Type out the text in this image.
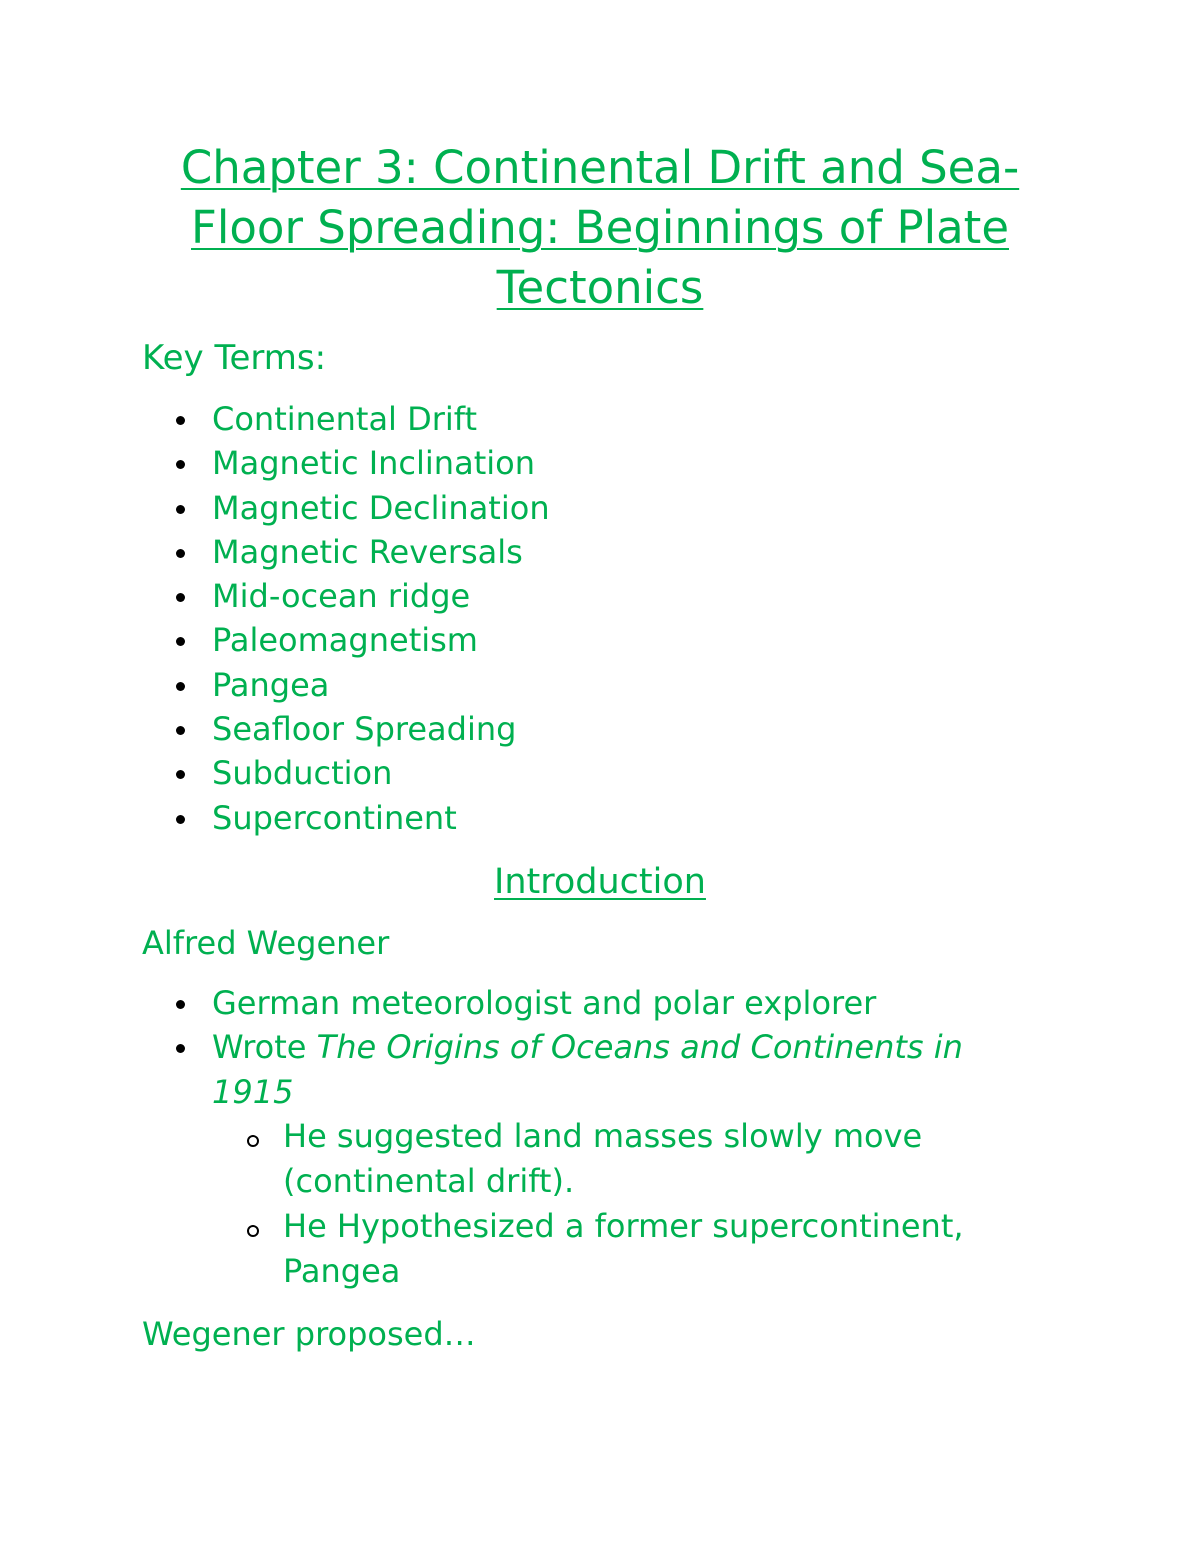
Chapter 3: Continental Drift and Sea-Floor Spreading: Beginnings of Plate Tectonics
Key Terms:
Continental Drift
Magnetic Inclination
Magnetic Declination
Magnetic Reversals
Mid-ocean ridge
Paleomagnetism
Pangea
Seafloor Spreading
Subduction
Supercontinent
Introduction

Alfred Wegener

German meteorologist and polar explorer
Wrote The Origins of Oceans and Continents in 1915
He suggested land masses slowly move (continental drift).
He Hypothesized a former supercontinent, Pangea

Wegener proposed…
